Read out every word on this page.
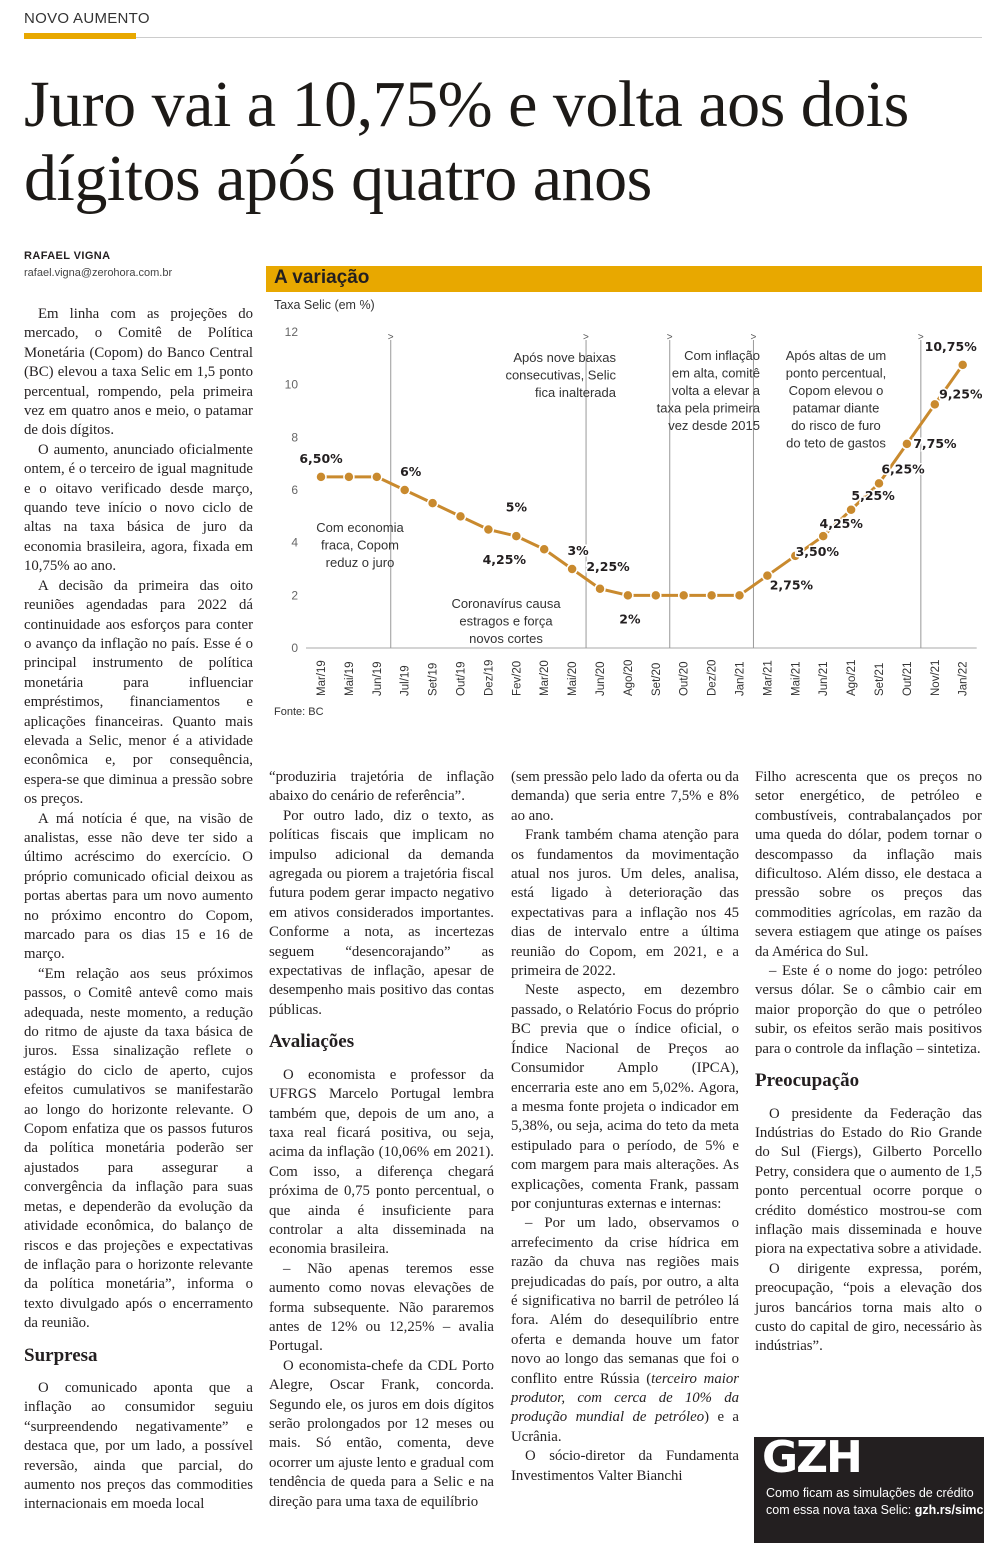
NOVO AUMENTO
Juro vai a 10,75% e volta aos dois dígitos após quatro anos
RAFAEL VIGNA
rafael.vigna@zerohora.com.br

Em linha com as projeções do mercado, o Comitê de Política Monetária (Copom) do Banco Central (BC) elevou a taxa Selic em 1,5 ponto percentual, rompendo, pela primeira vez em quatro anos e meio, o patamar de dois dígitos.

O aumento, anunciado oficialmente ontem, é o terceiro de igual magnitude e o oitavo verificado desde março, quando teve início o novo ciclo de altas na taxa básica de juro da economia brasileira, agora, fixada em 10,75% ao ano.

A decisão da primeira das oito reuniões agendadas para 2022 dá continuidade aos esforços para conter o avanço da inflação no país. Esse é o principal instrumento de política monetária para influenciar empréstimos, financiamentos e aplicações financeiras. Quanto mais elevada a Selic, menor é a atividade econômica e, por consequência, espera-se que diminua a pressão sobre os preços.

A má notícia é que, na visão de analistas, esse não deve ter sido a último acréscimo do exercício. O próprio comunicado oficial deixou as portas abertas para um novo aumento no próximo encontro do Copom, marcado para os dias 15 e 16 de março.

“Em relação aos seus próximos passos, o Comitê antevê como mais adequada, neste momento, a redução do ritmo de ajuste da taxa básica de juros. Essa sinalização reflete o estágio do ciclo de aperto, cujos efeitos cumulativos se manifestarão ao longo do horizonte relevante. O Copom enfatiza que os passos futuros da política monetária poderão ser ajustados para assegurar a convergência da inflação para suas metas, e dependerão da evolução da atividade econômica, do balanço de riscos e das projeções e expectativas de inflação para o horizonte relevante da política monetária”, informa o texto divulgado após o encerramento da reunião.

Surpresa

O comunicado aponta que a inflação ao consumidor seguiu “surpreendendo negativamente” e destaca que, por um lado, a possível reversão, ainda que parcial, do aumento nos preços das commodities internacionais em moeda local

A variação
Taxa Selic (em %)
0
2
4
6
8
10
12	>	>	>	>	>
Com economia
fraca, Copom
reduz o juro
Coronavírus causa
estragos e força
novos cortes
Após nove baixas
consecutivas, Selic
fica inalterada
Com inflação
em alta, comitê
volta a elevar a
taxa pela primeira
vez desde 2015
Após altas de um
ponto percentual,
Copom elevou o
patamar diante
do risco de furo
do teto de gastos
Mar/19 Mai/19 Jun/19 Jul/19 Set/19 Out/19 Dez/19 Fev/20 Mar/20 Mai/20 Jun/20 Ago/20 Set/20 Out/20 Dez/20 Jan/21 Mar/21 Mai/21 Jun/21 Ago/21 Set/21 Out/21 Nov/21 Jan/22
6,50%
6%
5%
4,25%
3%
2,25%
2%
2,75%
3,50%
4,25%
5,25%
6,25%
7,75%
9,25%
10,75%
Fonte: BC

“produziria trajetória de inflação abaixo do cenário de referência”.

Por outro lado, diz o texto, as políticas fiscais que implicam no impulso adicional da demanda agregada ou piorem a trajetória fiscal futura podem gerar impacto negativo em ativos considerados importantes. Conforme a nota, as incertezas seguem “desencorajando” as expectativas de inflação, apesar de desempenho mais positivo das contas públicas.

Avaliações

O economista e professor da UFRGS Marcelo Portugal lembra também que, depois de um ano, a taxa real ficará positiva, ou seja, acima da inflação (10,06% em 2021). Com isso, a diferença chegará próxima de 0,75 ponto percentual, o que ainda é insuficiente para controlar a alta disseminada na economia brasileira.

– Não apenas teremos esse aumento como novas elevações de forma subsequente. Não pararemos antes de 12% ou 12,25% – avalia Portugal.

O economista-chefe da CDL Porto Alegre, Oscar Frank, concorda. Segundo ele, os juros em dois dígitos serão prolongados por 12 meses ou mais. Só então, comenta, deve ocorrer um ajuste lento e gradual com tendência de queda para a Selic e na direção para uma taxa de equilíbrio

(sem pressão pelo lado da oferta ou da demanda) que seria entre 7,5% e 8% ao ano.

Frank também chama atenção para os fundamentos da movimentação atual nos juros. Um deles, analisa, está ligado à deterioração das expectativas para a inflação nos 45 dias de intervalo entre a última reunião do Copom, em 2021, e a primeira de 2022.

Neste aspecto, em dezembro passado, o Relatório Focus do próprio BC previa que o índice oficial, o Índice Nacional de Preços ao Consumidor Amplo (IPCA), encerraria este ano em 5,02%. Agora, a mesma fonte projeta o indicador em 5,38%, ou seja, acima do teto da meta estipulado para o período, de 5% e com margem para mais alterações. As explicações, comenta Frank, passam por conjunturas externas e internas:

– Por um lado, observamos o arrefecimento da crise hídrica em razão da chuva nas regiões mais prejudicadas do país, por outro, a alta é significativa no barril de petróleo lá fora. Além do desequilíbrio entre oferta e demanda houve um fator novo ao longo das semanas que foi o conflito entre Rússia (terceiro maior produtor, com cerca de 10% da produção mundial de petróleo) e a Ucrânia.

O sócio-diretor da Fundamenta Investimentos Valter Bianchi

Filho acrescenta que os preços no setor energético, de petróleo e combustíveis, contrabalançados por uma queda do dólar, podem tornar o descompasso da inflação mais dificultoso. Além disso, ele destaca a pressão sobre os preços das commodities agrícolas, em razão da severa estiagem que atinge os países da América do Sul.

– Este é o nome do jogo: petróleo versus dólar. Se o câmbio cair em maior proporção do que o petróleo subir, os efeitos serão mais positivos para o controle da inflação – sintetiza.

Preocupação

O presidente da Federação das Indústrias do Estado do Rio Grande do Sul (Fiergs), Gilberto Porcello Petry, considera que o aumento de 1,5 ponto percentual ocorre porque o crédito doméstico mostrou-se com inflação mais disseminada e houve piora na expectativa sobre a atividade.

O dirigente expressa, porém, preocupação, “pois a elevação dos juros bancários torna mais alto o custo do capital de giro, necessário às indústrias”.

GZH
Como ficam as simulações de crédito
com essa nova taxa Selic: gzh.rs/simc
